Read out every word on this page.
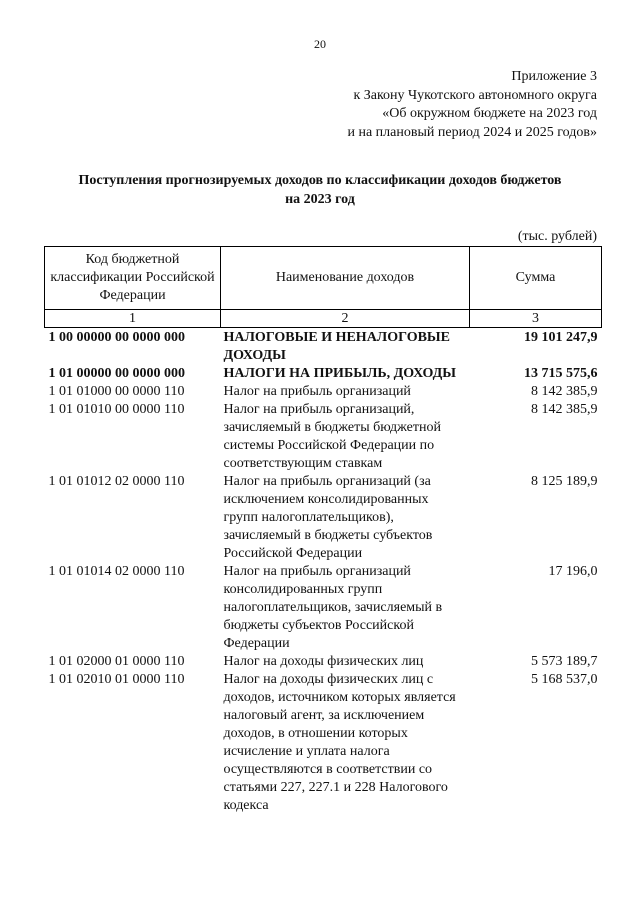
20
Приложение 3
к Закону Чукотского автономного округа
«Об окружном бюджете на 2023 год
и на плановый период 2024 и 2025 годов»
Поступления прогнозируемых доходов по классификации доходов бюджетов
на 2023 год
(тыс. рублей)
Код бюджетной классификации Российской Федерации	Наименование доходов	Сумма
1	2	3
1 00 00000 00 0000 000	НАЛОГОВЫЕ И НЕНАЛОГОВЫЕ ДОХОДЫ	19 101 247,9
1 01 00000 00 0000 000	НАЛОГИ НА ПРИБЫЛЬ, ДОХОДЫ	13 715 575,6
1 01 01000 00 0000 110	Налог на прибыль организаций	8 142 385,9
1 01 01010 00 0000 110	Налог на прибыль организаций, зачисляемый в бюджеты бюджетной системы Российской Федерации по соответствующим ставкам	8 142 385,9
1 01 01012 02 0000 110	Налог на прибыль организаций (за исключением консолидированных групп налогоплательщиков), зачисляемый в бюджеты субъектов Российской Федерации	8 125 189,9
1 01 01014 02 0000 110	Налог на прибыль организаций консолидированных групп налогоплательщиков, зачисляемый в бюджеты субъектов Российской Федерации	17 196,0
1 01 02000 01 0000 110	Налог на доходы физических лиц	5 573 189,7
1 01 02010 01 0000 110	Налог на доходы физических лиц с доходов, источником которых является налоговый агент, за исключением доходов, в отношении которых исчисление и уплата налога осуществляются в соответствии со статьями 227, 227.1 и 228 Налогового кодекса	5 168 537,0
